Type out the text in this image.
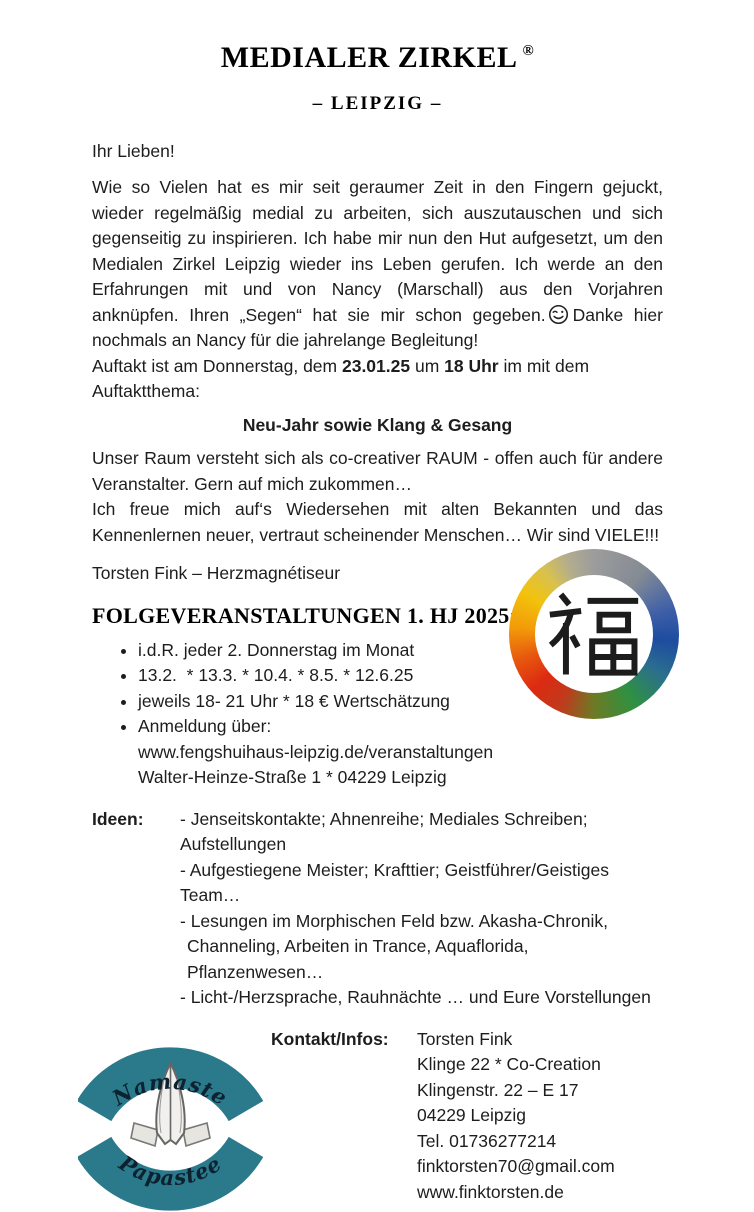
MEDIALER ZIRKEL ®
– LEIPZIG –

Ihr Lieben!

Wie so Vielen hat es mir seit geraumer Zeit in den Fingern gejuckt, wieder regelmäßig medial zu arbeiten, sich auszutauschen und sich gegenseitig zu inspirieren. Ich habe mir nun den Hut aufgesetzt, um den Medialen Zirkel Leipzig wieder ins Leben gerufen. Ich werde an den Erfahrungen mit und von Nancy (Marschall) aus den Vorjahren anknüpfen. Ihren „Segen“ hat sie mir schon gegeben. Danke hier nochmals an Nancy für die jahrelange Begleitung!

Auftakt ist am Donnerstag, dem 23.01.25 um 18 Uhr im mit dem Auftaktthema:

Neu-Jahr sowie Klang & Gesang

Unser Raum versteht sich als co-creativer RAUM - offen auch für andere Veranstalter. Gern auf mich zukommen…

Ich freue mich auf‘s Wiedersehen mit alten Bekannten und das Kennenlernen neuer, vertraut scheinender Menschen… Wir sind VIELE!!!

Torsten Fink – Herzmagnétiseur

FOLGEVERANSTALTUNGEN 1. HJ 2025
• i.d.R. jeder 2. Donnerstag im Monat
• 13.2.  * 13.3. * 10.4. * 8.5. * 12.6.25
• jeweils 18- 21 Uhr * 18 € Wertschätzung
• Anmeldung über:
www.fengshuihaus-leipzig.de/veranstaltungen
Walter-Heinze-Straße 1 * 04229 Leipzig
Ideen:	- Jenseitskontakte; Ahnenreihe; Mediales Schreiben; Aufstellungen
- Aufgestiegene Meister; Krafttier; Geistführer/Geistiges Team…
- Lesungen im Morphischen Feld bzw. Akasha-Chronik,
Channeling, Arbeiten in Trance, Aquaflorida, Pflanzenwesen…
- Licht-/Herzsprache, Rauhnächte … und Eure Vorstellungen
Namaste
Papastee
Kontakt/Infos:	Torsten Fink
Klinge 22 * Co-Creation
Klingenstr. 22 – E 17
04229 Leipzig
Tel. 01736277214
finktorsten70@gmail.com
www.finktorsten.de
